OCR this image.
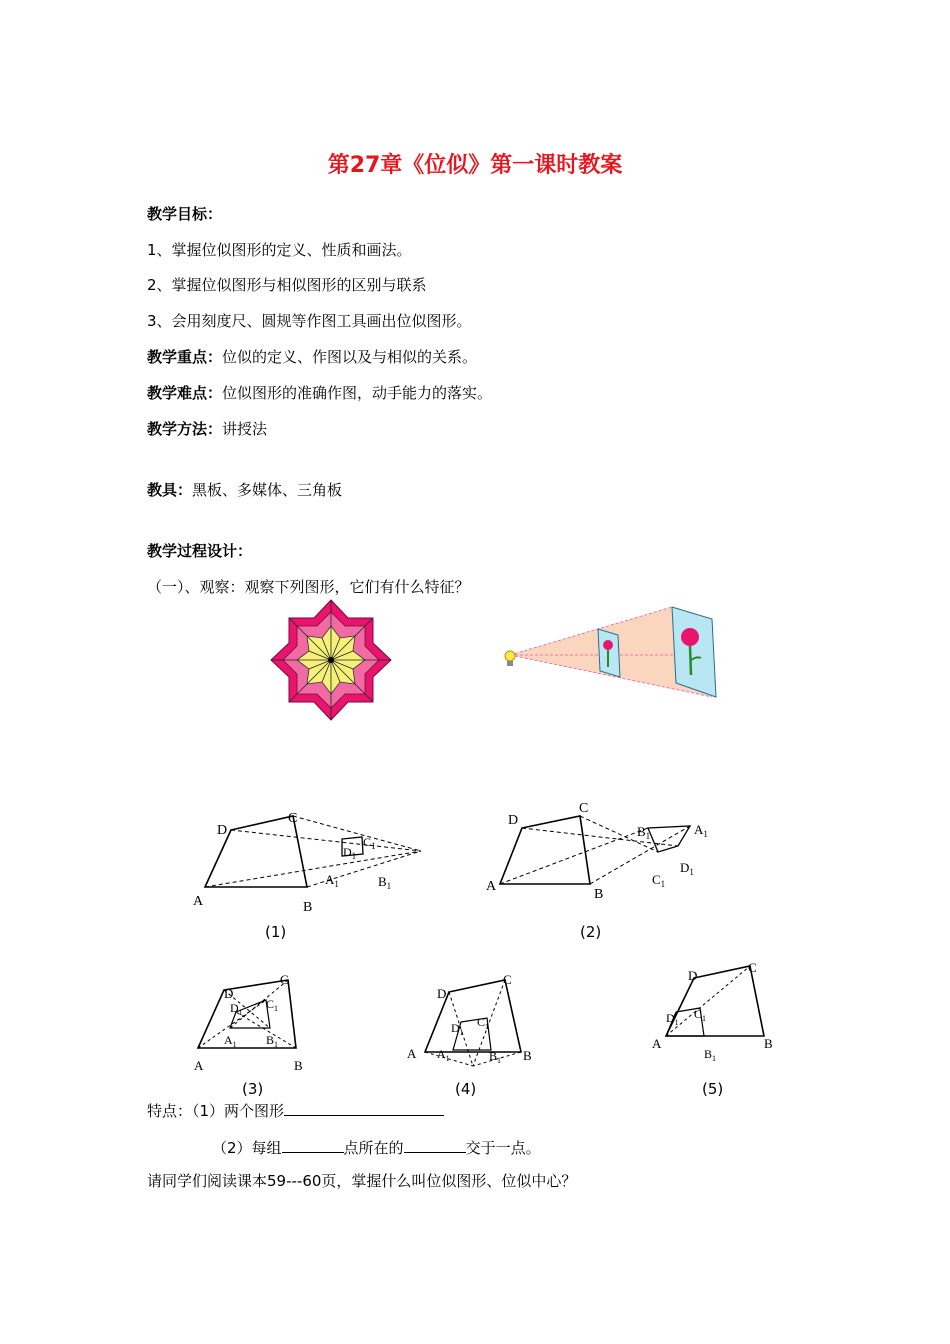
第27章《位似》第一课时教案
教学目标：
1、掌握位似图形的定义、性质和画法。
2、掌握位似图形与相似图形的区别与联系
3、会用刻度尺、圆规等作图工具画出位似图形。
教学重点：位似的定义、作图以及与相似的关系。
教学难点：位似图形的准确作图，动手能力的落实。
教学方法：讲授法
教具：黑板、多媒体、三角板
教学过程设计：
（一）、观察：观察下列图形，它们有什么特征？
D
C
A	B
$D_1$
$C_1$
$A_1$	$B_1$
(1)
D
C
A
B
$B_1$	$A_1$
$D_1$
$C_1$
(2)
D
C
A	B
$D_1$
$C_1$
$A_1$ $B_1$
(3)
D
C
A	B
$D_1$
$C_1$
$A_1$	$B_1$
(4)
D
C
A	B
$D_1$
$C_1$
$B_1$
(5)
特点：（1）两个图形
（2）每组	点所在的	交于一点。
请同学们阅读课本59---60页，掌握什么叫位似图形、位似中心？
